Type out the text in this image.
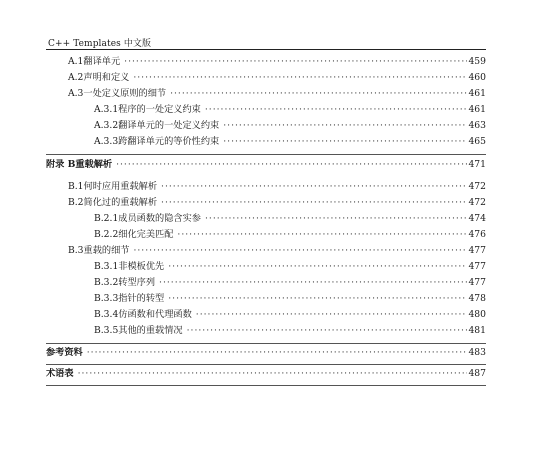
C++ Templates 中文版
A.1 翻译单元 ·····	459
A.2 声明和定义 ·····	460
A.3 一处定义原则的细节 ·····	461
A.3.1 程序的一处定义约束 ·····	461
A.3.2 翻译单元的一处定义约束 ·····	463
A.3.3 跨翻译单元的等价性约束 ·····	465
附录 B 重载解析 ·····	471
B.1 何时应用重载解析 ·····	472
B.2 简化过的重载解析 ·····	472
B.2.1 成员函数的隐含实参 ·····	474
B.2.2 细化完美匹配 ·····	476
B.3 重载的细节 ·····	477
B.3.1 非模板优先 ·····	477
B.3.2 转型序列 ·····	477
B.3.3 指针的转型 ·····	478
B.3.4 仿函数和代理函数 ·····	480
B.3.5 其他的重载情况 ·····	481
参考资料 ·····	483
术语表 ·····	487
